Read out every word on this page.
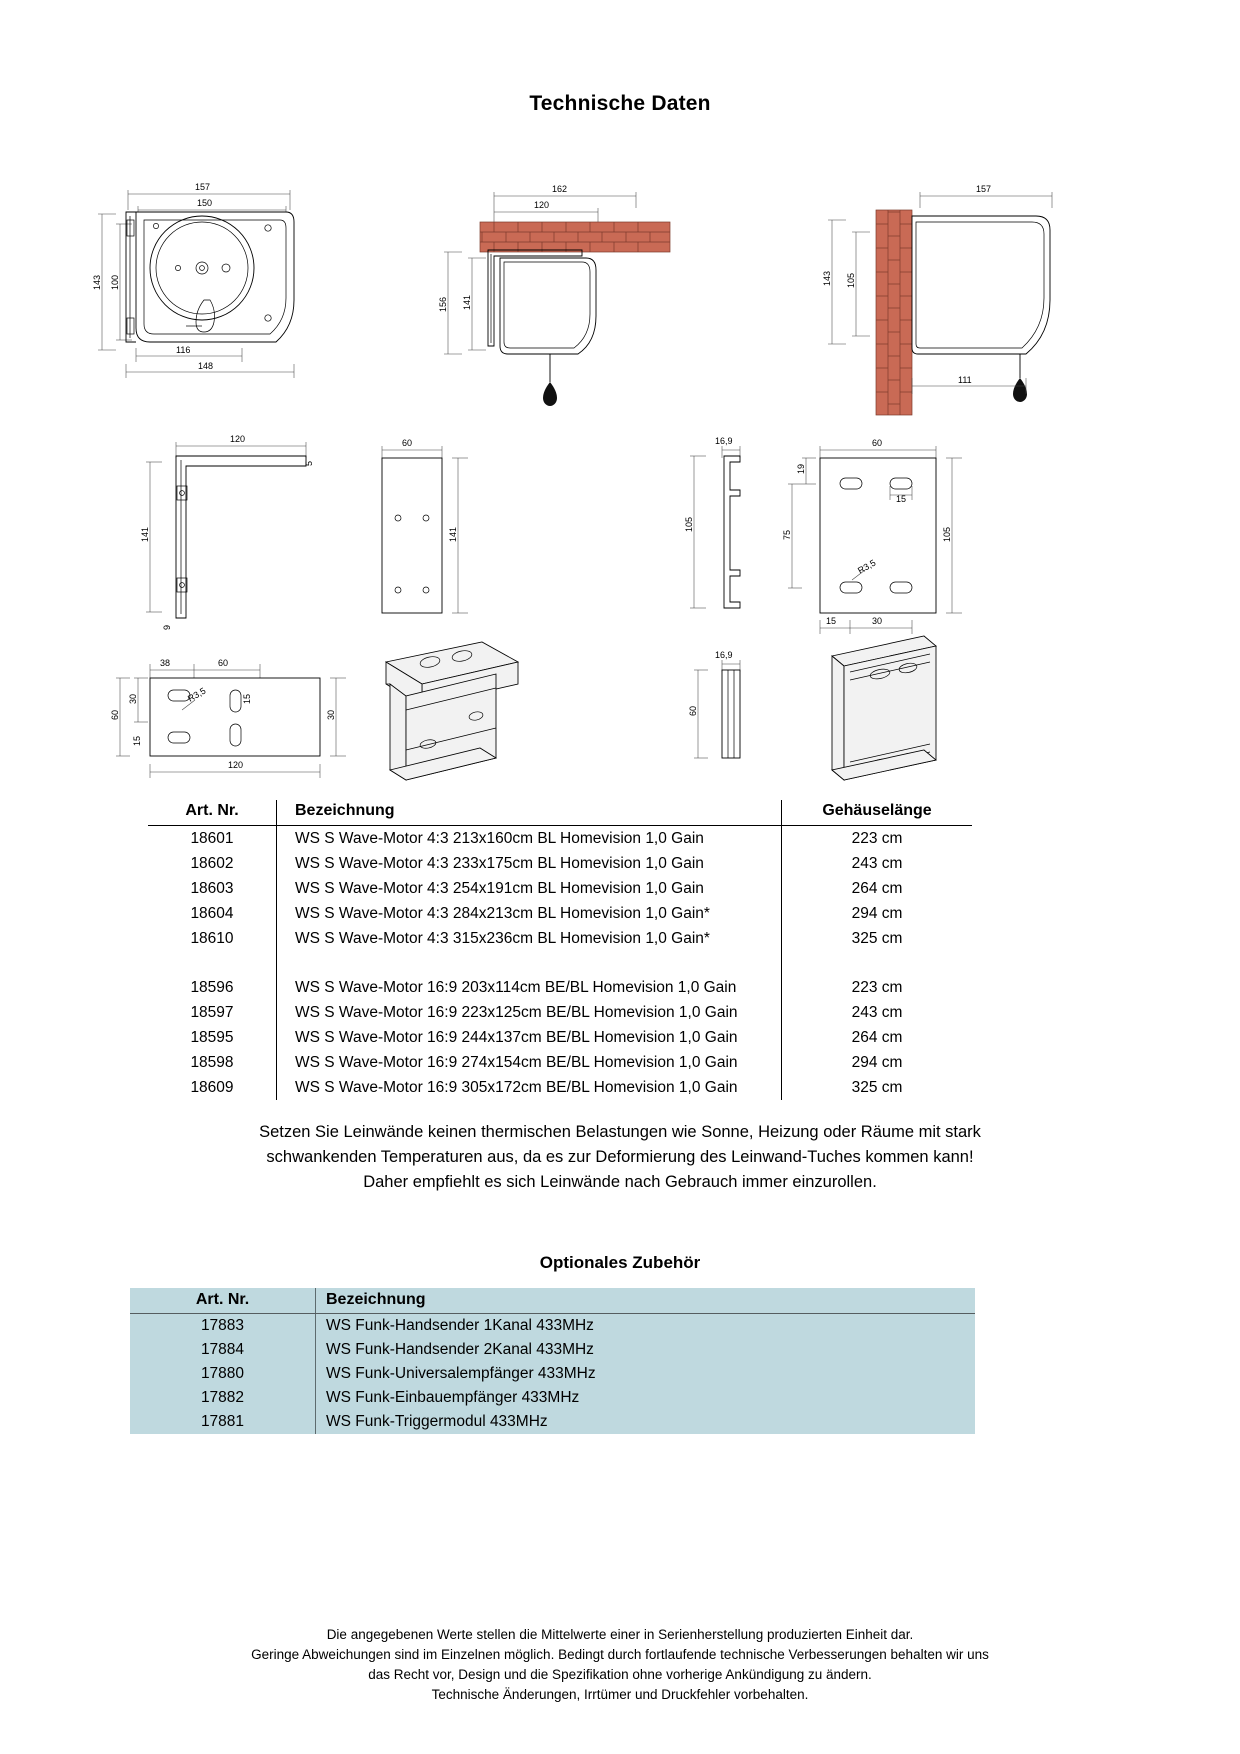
Technische Daten
157
150
143 100
116
148
162
120
156 141
157
143 105
111
120
141
5
9
60
141
16,9
105
60
19
75
15
R3,5
105
15	30
38	60
60
30
15
R3,5	15
30
120
16,9
60
Art. Nr.	Bezeichnung	Gehäuselänge
18601	WS S Wave-Motor 4:3 213x160cm BL Homevision 1,0 Gain	223 cm
18602	WS S Wave-Motor 4:3 233x175cm BL Homevision 1,0 Gain	243 cm
18603	WS S Wave-Motor 4:3 254x191cm BL Homevision 1,0 Gain	264 cm
18604	WS S Wave-Motor 4:3 284x213cm BL Homevision 1,0 Gain*	294 cm
18610	WS S Wave-Motor 4:3 315x236cm BL Homevision 1,0 Gain*	325 cm

18596	WS S Wave-Motor 16:9 203x114cm BE/BL Homevision 1,0 Gain	223 cm
18597	WS S Wave-Motor 16:9 223x125cm BE/BL Homevision 1,0 Gain	243 cm
18595	WS S Wave-Motor 16:9 244x137cm BE/BL Homevision 1,0 Gain	264 cm
18598	WS S Wave-Motor 16:9 274x154cm BE/BL Homevision 1,0 Gain	294 cm
18609	WS S Wave-Motor 16:9 305x172cm BE/BL Homevision 1,0 Gain	325 cm
Setzen Sie Leinwände keinen thermischen Belastungen wie Sonne, Heizung oder Räume mit stark
schwankenden Temperaturen aus, da es zur Deformierung des Leinwand-Tuches kommen kann!
Daher empfiehlt es sich Leinwände nach Gebrauch immer einzurollen.
Optionales Zubehör
Art. Nr.	Bezeichnung
17883	WS Funk-Handsender 1Kanal 433MHz
17884	WS Funk-Handsender 2Kanal 433MHz
17880	WS Funk-Universalempfänger 433MHz
17882	WS Funk-Einbauempfänger 433MHz
17881	WS Funk-Triggermodul 433MHz
Die angegebenen Werte stellen die Mittelwerte einer in Serienherstellung produzierten Einheit dar.
Geringe Abweichungen sind im Einzelnen möglich. Bedingt durch fortlaufende technische Verbesserungen behalten wir uns
das Recht vor, Design und die Spezifikation ohne vorherige Ankündigung zu ändern.
Technische Änderungen, Irrtümer und Druckfehler vorbehalten.
